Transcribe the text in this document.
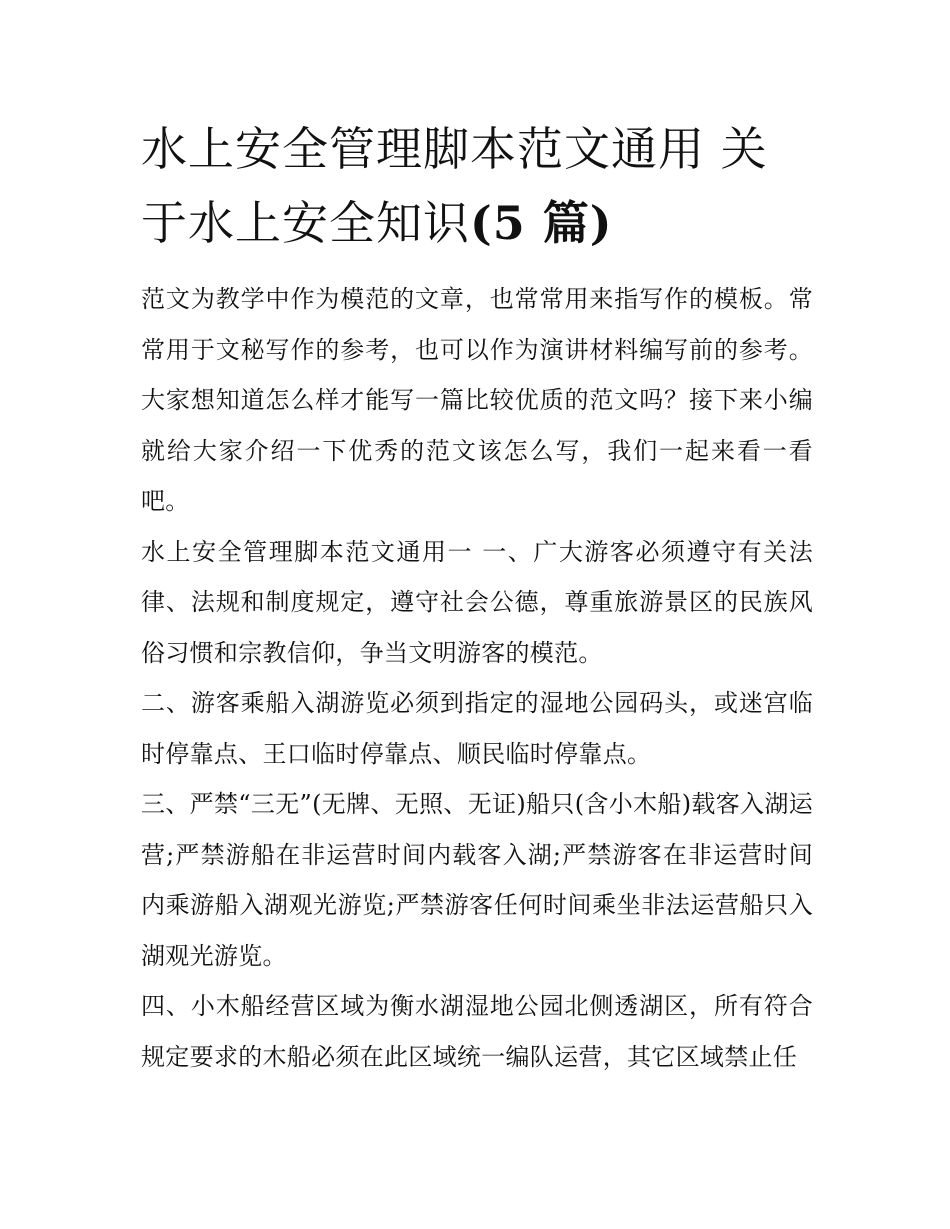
水上安全管理脚本范文通用 关于水上安全知识(5 篇)

范文为教学中作为模范的文章，也常常用来指写作的模板。常常用于文秘写作的参考，也可以作为演讲材料编写前的参考。大家想知道怎么样才能写一篇比较优质的范文吗？接下来小编就给大家介绍一下优秀的范文该怎么写，我们一起来看一看吧。

水上安全管理脚本范文通用一 一、广大游客必须遵守有关法律、法规和制度规定，遵守社会公德，尊重旅游景区的民族风俗习惯和宗教信仰，争当文明游客的模范。

二、游客乘船入湖游览必须到指定的湿地公园码头，或迷宫临时停靠点、王口临时停靠点、顺民临时停靠点。

三、严禁“三无”(无牌、无照、无证)船只(含小木船)载客入湖运营;严禁游船在非运营时间内载客入湖;严禁游客在非运营时间内乘游船入湖观光游览;严禁游客任何时间乘坐非法运营船只入湖观光游览。

四、小木船经营区域为衡水湖湿地公园北侧透湖区，所有符合规定要求的木船必须在此区域统一编队运营，其它区域禁止任
